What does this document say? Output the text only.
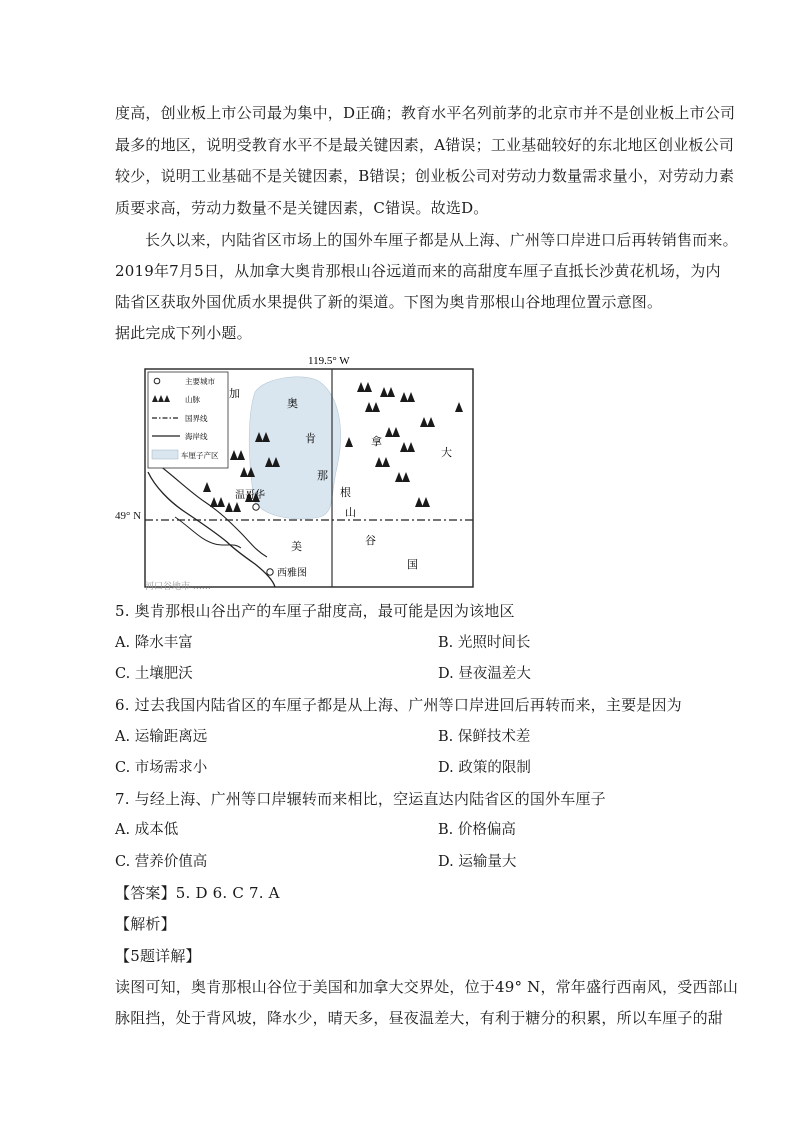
度高，创业板上市公司最为集中，D正确；教育水平名列前茅的北京市并不是创业板上市公司
最多的地区，说明受教育水平不是最关键因素，A错误；工业基础较好的东北地区创业板公司
较少，说明工业基础不是关键因素，B错误；创业板公司对劳动力数量需求量小，对劳动力素
质要求高，劳动力数量不是关键因素，C错误。故选D。
长久以来，内陆省区市场上的国外车厘子都是从上海、广州等口岸进口后再转销售而来。
2019年7月5日，从加拿大奥肯那根山谷远道而来的高甜度车厘子直抵长沙黄花机场，为内
陆省区获取外国优质水果提供了新的渠道。下图为奥肯那根山谷地理位置示意图。
据此完成下列小题。
119.5° W
主要城市
山脉
国界线
海岸线
车厘子产区
加
拿
大
奥
肯
那
根
山
谷
美
国
温哥华
西雅图
河口谷地市 ……
49° N
5. 奥肯那根山谷出产的车厘子甜度高，最可能是因为该地区
A. 降水丰富	B. 光照时间长
C. 土壤肥沃	D. 昼夜温差大
6. 过去我国内陆省区的车厘子都是从上海、广州等口岸进回后再转而来，主要是因为
A. 运输距离远	B. 保鲜技术差
C. 市场需求小	D. 政策的限制
7. 与经上海、广州等口岸辗转而来相比，空运直达内陆省区的国外车厘子
A. 成本低	B. 价格偏高
C. 营养价值高	D. 运输量大
【答案】5. D 6. C 7. A
【解析】
【5题详解】
读图可知，奥肯那根山谷位于美国和加拿大交界处，位于49° N，常年盛行西南风，受西部山
脉阻挡，处于背风坡，降水少，晴天多，昼夜温差大，有利于糖分的积累，所以车厘子的甜
